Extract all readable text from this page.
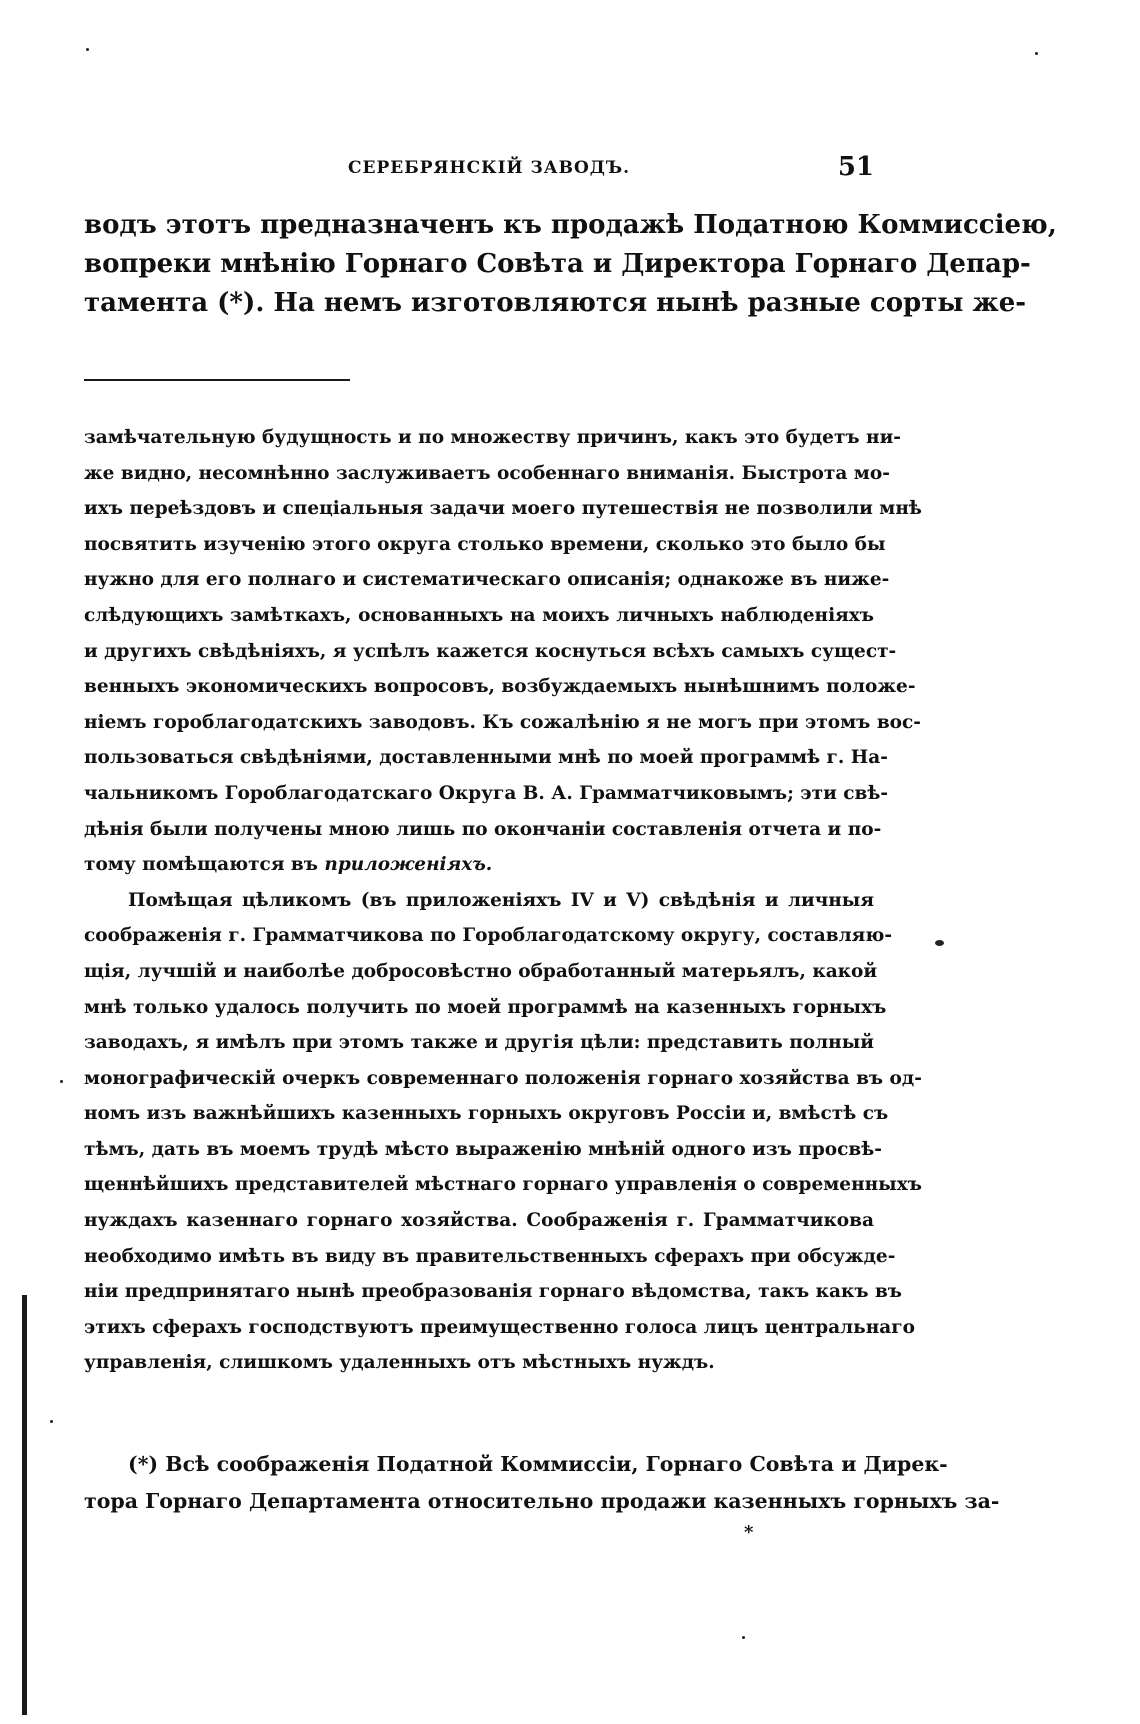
СЕРЕБРЯНСКІЙ ЗАВОДЪ.	51
водъ этотъ предназначенъ къ продажѣ Податною Коммиссіею,
вопреки мнѣнію Горнаго Совѣта и Директора Горнаго Депар-
тамента (*). На немъ изготовляются нынѣ разные сорты же-
замѣчательную будущность и по множеству причинъ, какъ это будетъ ни-
же видно, несомнѣнно заслуживаетъ особеннаго вниманія. Быстрота мо-
ихъ переѣздовъ и спеціальныя задачи моего путешествія не позволили мнѣ
посвятить изученію этого округа столько времени, сколько это было бы
нужно для его полнаго и систематическаго описанія; однакоже въ ниже-
слѣдующихъ замѣткахъ, основанныхъ на моихъ личныхъ наблюденіяхъ
и другихъ свѣдѣніяхъ, я успѣлъ кажется коснуться всѣхъ самыхъ сущест-
венныхъ экономическихъ вопросовъ, возбуждаемыхъ нынѣшнимъ положе-
ніемъ гороблагодатскихъ заводовъ. Къ сожалѣнію я не могъ при этомъ вос-
пользоваться свѣдѣніями, доставленными мнѣ по моей программѣ г. На-
чальникомъ Гороблагодатскаго Округа В. А. Грамматчиковымъ; эти свѣ-
дѣнія были получены мною лишь по окончаніи составленія отчета и по-
тому помѣщаются въ приложеніяхъ.
Помѣщая цѣликомъ (въ приложеніяхъ IV и V) свѣдѣнія и личныя
соображенія г. Грамматчикова по Гороблагодатскому округу, составляю-
щія, лучшій и наиболѣе добросовѣстно обработанный матерьялъ, какой
мнѣ только удалось получить по моей программѣ на казенныхъ горныхъ
заводахъ, я имѣлъ при этомъ также и другія цѣли: представить полный
монографическій очеркъ современнаго положенія горнаго хозяйства въ од-
номъ изъ важнѣйшихъ казенныхъ горныхъ округовъ Россіи и, вмѣстѣ съ
тѣмъ, дать въ моемъ трудѣ мѣсто выраженію мнѣній одного изъ просвѣ-
щеннѣйшихъ представителей мѣстнаго горнаго управленія о современныхъ
нуждахъ казеннаго горнаго хозяйства. Соображенія г. Грамматчикова
необходимо имѣть въ виду въ правительственныхъ сферахъ при обсужде-
ніи предпринятаго нынѣ преобразованія горнаго вѣдомства, такъ какъ въ
этихъ сферахъ господствуютъ преимущественно голоса лицъ центральнаго
управленія, слишкомъ удаленныхъ отъ мѣстныхъ нуждъ.
(*) Всѣ соображенія Податной Коммиссіи, Горнаго Совѣта и Дирек-
тора Горнаго Департамента относительно продажи казенныхъ горныхъ за-
*
